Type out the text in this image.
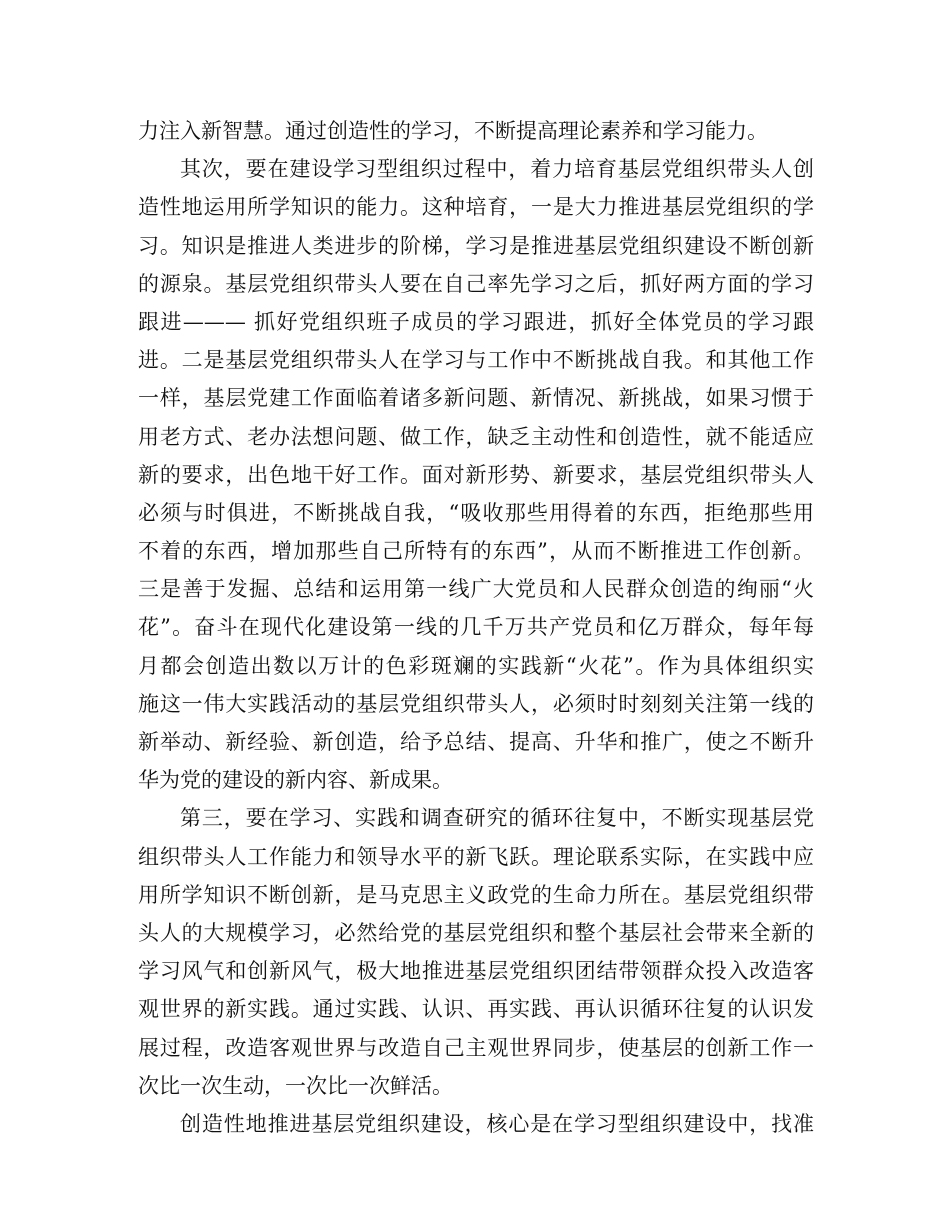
力注入新智慧。通过创造性的学习，不断提高理论素养和学习能力。
其次，要在建设学习型组织过程中，着力培育基层党组织带头人创
造性地运用所学知识的能力。这种培育，一是大力推进基层党组织的学
习。知识是推进人类进步的阶梯，学习是推进基层党组织建设不断创新
的源泉。基层党组织带头人要在自己率先学习之后，抓好两方面的学习
跟进——— 抓好党组织班子成员的学习跟进，抓好全体党员的学习跟
进。二是基层党组织带头人在学习与工作中不断挑战自我。和其他工作
一样，基层党建工作面临着诸多新问题、新情况、新挑战，如果习惯于
用老方式、老办法想问题、做工作，缺乏主动性和创造性，就不能适应
新的要求，出色地干好工作。面对新形势、新要求，基层党组织带头人
必须与时俱进，不断挑战自我，“吸收那些用得着的东西，拒绝那些用
不着的东西，增加那些自己所特有的东西”，从而不断推进工作创新。
三是善于发掘、总结和运用第一线广大党员和人民群众创造的绚丽“火
花”。奋斗在现代化建设第一线的几千万共产党员和亿万群众，每年每
月都会创造出数以万计的色彩斑斓的实践新“火花”。作为具体组织实
施这一伟大实践活动的基层党组织带头人，必须时时刻刻关注第一线的
新举动、新经验、新创造，给予总结、提高、升华和推广，使之不断升
华为党的建设的新内容、新成果。
第三，要在学习、实践和调查研究的循环往复中，不断实现基层党
组织带头人工作能力和领导水平的新飞跃。理论联系实际，在实践中应
用所学知识不断创新，是马克思主义政党的生命力所在。基层党组织带
头人的大规模学习，必然给党的基层党组织和整个基层社会带来全新的
学习风气和创新风气，极大地推进基层党组织团结带领群众投入改造客
观世界的新实践。通过实践、认识、再实践、再认识循环往复的认识发
展过程，改造客观世界与改造自己主观世界同步，使基层的创新工作一
次比一次生动，一次比一次鲜活。
创造性地推进基层党组织建设，核心是在学习型组织建设中，找准
